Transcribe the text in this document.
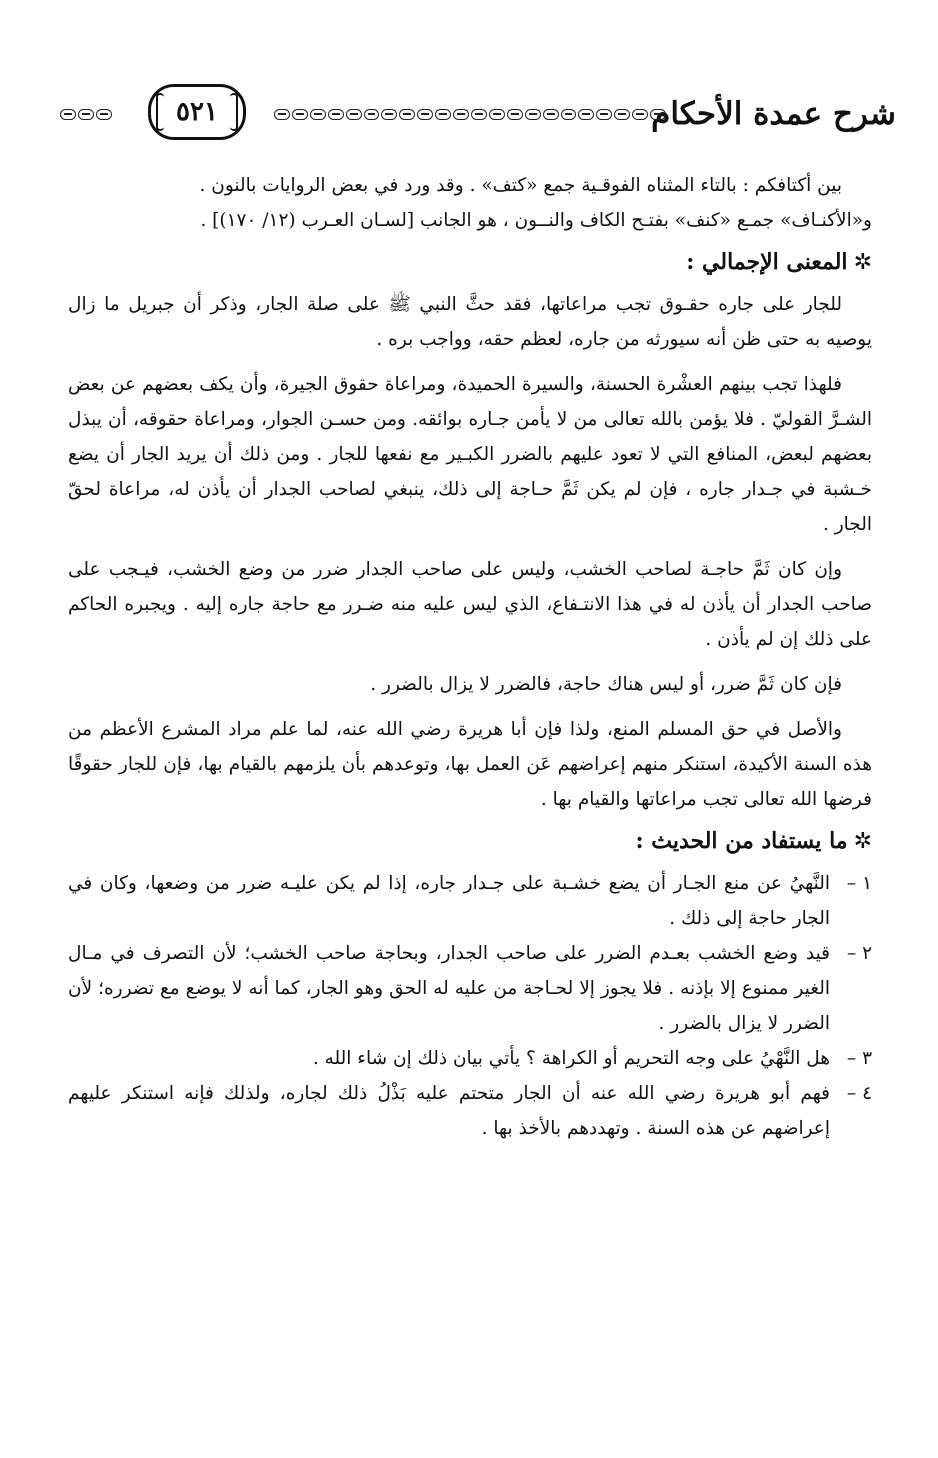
شرح عمدة الأحكام
٥٢١

بين أكتافكم : بالتاء المثناه الفوقـية جمع «كتف» . وقد ورد في بعض الروايات بالنون .

و«الأكنـاف» جمـع «كنف» بفتـح الكاف والنــون ، هو الجانب [لسـان العـرب (١٢/ ١٧٠)] .

✲المعنى الإجمالي :

للجار على جاره حقـوق تجب مراعاتها، فقد حثَّ النبي ﷺ على صلة الجار، وذكر أن جبريل ما زال يوصيه به حتى ظن أنه سيورثه من جاره، لعظم حقه، وواجب بره .

فلهذا تجب بينهم العشْرة الحسنة، والسيرة الحميدة، ومراعاة حقوق الجيرة، وأن يكف بعضهم عن بعض الشـرَّ القوليّ . فلا يؤمن بالله تعالى من لا يأمن جـاره بوائقه. ومن حسـن الجوار، ومراعاة حقوقه، أن يبذل بعضهم لبعض، المنافع التي لا تعود عليهم بالضرر الكبـير مع نفعها للجار . ومن ذلك أن يريد الجار أن يضع خـشبة في جـدار جاره ، فإن لم يكن ثَمَّ حـاجة إلى ذلك، ينبغي لصاحب الجدار أن يأذن له، مراعاة لحقّ الجار .

وإن كان ثَمَّ حاجـة لصاحب الخشب، وليس على صاحب الجدار ضرر من وضع الخشب، فيـجب على صاحب الجدار أن يأذن له في هذا الانتـفاع، الذي ليس عليه منه ضـرر مع حاجة جاره إليه . ويجبره الحاكم على ذلك إن لم يأذن .

فإن كان ثَمَّ ضرر، أو ليس هناك حاجة، فالضرر لا يزال بالضرر .

والأصل في حق المسلم المنع، ولذا فإن أبا هريرة رضي الله عنه، لما علم مراد المشرع الأعظم من هذه السنة الأكيدة، استنكر منهم إعراضهم عَن العمل بها، وتوعدهم بأن يلزمهم بالقيام بها، فإن للجار حقوقًا فرضها الله تعالى تجب مراعاتها والقيام بها .

✲ما يستفاد من الحديث :

١ –
النَّهيُ عن منع الجـار أن يضع خشـبة على جـدار جاره، إذا لم يكن عليـه ضرر من وضعها، وكان في الجار حاجة إلى ذلك .
٢ –
قيد وضع الخشب بعـدم الضرر على صاحب الجدار، وبحاجة صاحب الخشب؛ لأن التصرف في مـال الغير ممنوع إلا بإذنه . فلا يجوز إلا لحـاجة من عليه له الحق وهو الجار، كما أنه لا يوضع مع تضرره؛ لأن الضرر لا يزال بالضرر .
٣ –
هل النَّهْيُ على وجه التحريم أو الكراهة ؟ يأتي بيان ذلك إن شاء الله .
٤ –
فهم أبو هريرة رضي الله عنه أن الجار متحتم عليه بَذْلُ ذلك لجاره، ولذلك فإنه استنكر عليهم إعراضهم عن هذه السنة . وتهددهم بالأخذ بها .
